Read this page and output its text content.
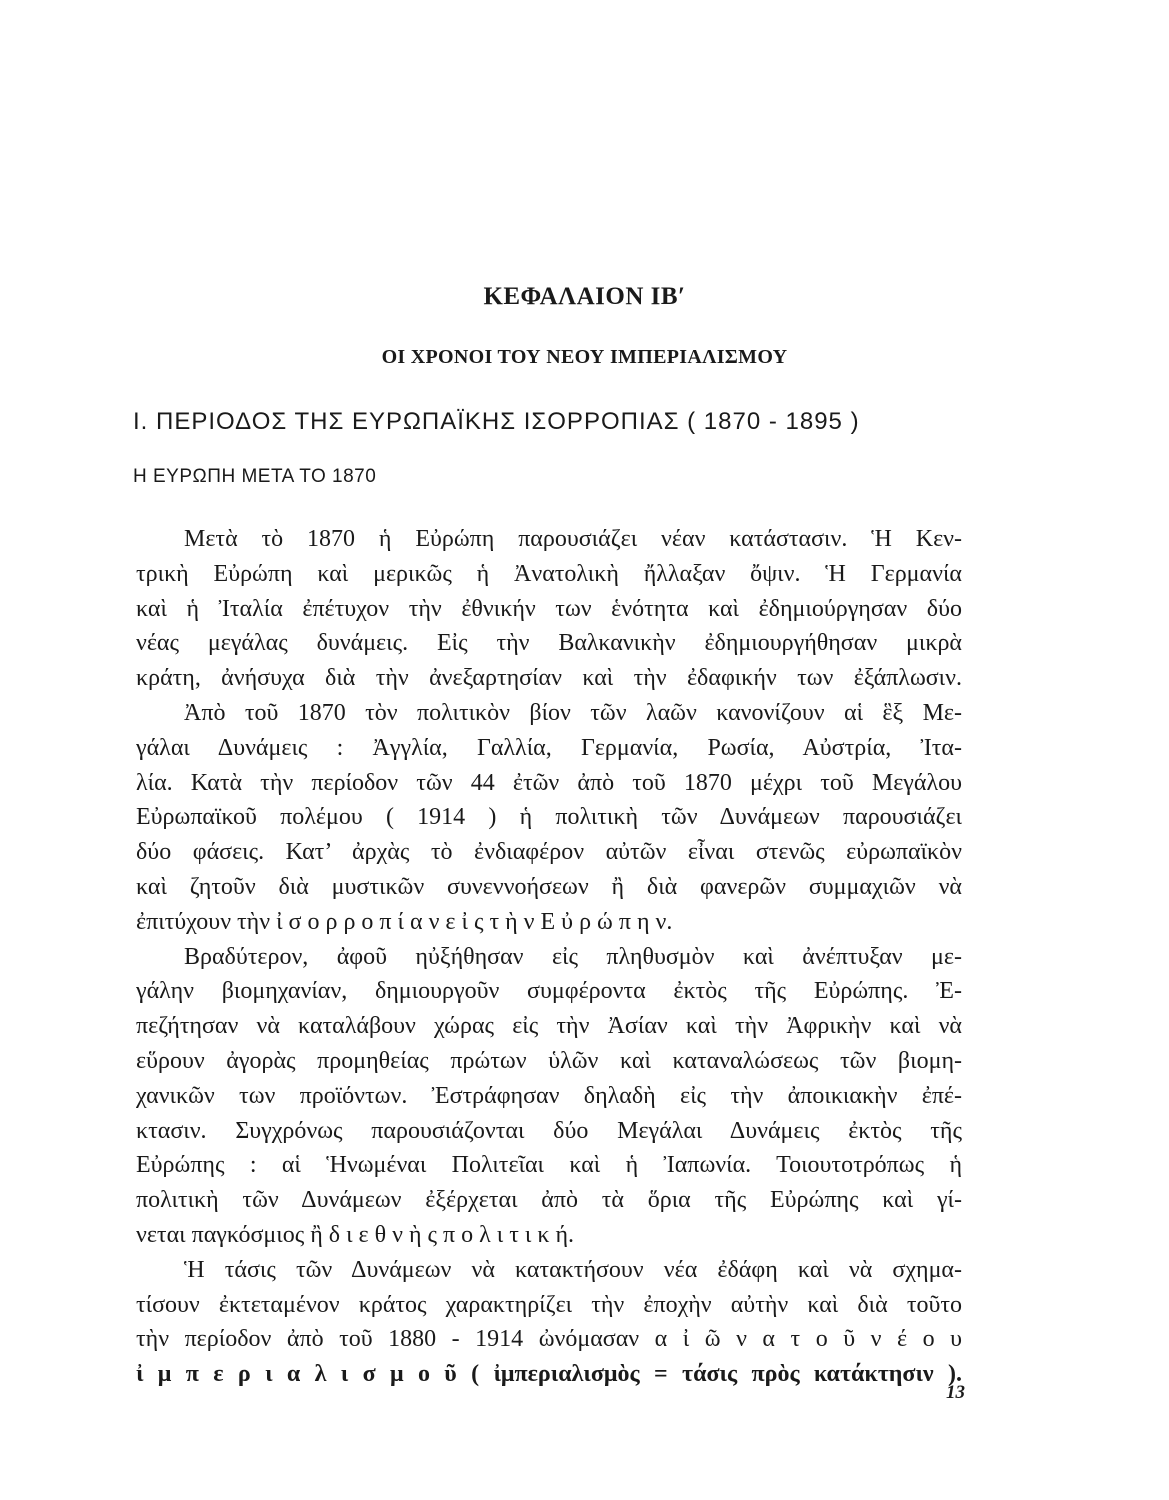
ΚΕΦΑΛΑΙΟΝ ΙΒ′
ΟΙ ΧΡΟΝΟΙ ΤΟΥ ΝΕΟΥ ΙΜΠΕΡΙΑΛΙΣΜΟΥ
Ι. ΠΕΡΙΟΔΟΣ ΤΗΣ ΕΥΡΩΠΑΪΚΗΣ ΙΣΟΡΡΟΠΙΑΣ ( 1870 - 1895 )
Η ΕΥΡΩΠΗ ΜΕΤΑ ΤΟ 1870
Μετὰ τὸ 1870 ἡ Εὐρώπη παρουσιάζει νέαν κατάστασιν. Ἡ Κεν-
τρικὴ Εὐρώπη καὶ μερικῶς ἡ Ἀνατολικὴ ἤλλαξαν ὄψιν. Ἡ Γερμανία
καὶ ἡ Ἰταλία ἐπέτυχον τὴν ἐθνικήν των ἑνότητα καὶ ἐδημιούργησαν δύο
νέας μεγάλας δυνάμεις. Εἰς τὴν Βαλκανικὴν ἐδημιουργήθησαν μικρὰ
κράτη, ἀνήσυχα διὰ τὴν ἀνεξαρτησίαν καὶ τὴν ἐδαφικήν των ἐξάπλωσιν.
Ἀπὸ τοῦ 1870 τὸν πολιτικὸν βίον τῶν λαῶν κανονίζουν αἱ ἓξ Με-
γάλαι Δυνάμεις : Ἀγγλία, Γαλλία, Γερμανία, Ρωσία, Αὐστρία, Ἰτα-
λία. Κατὰ τὴν περίοδον τῶν 44 ἐτῶν ἀπὸ τοῦ 1870 μέχρι τοῦ Μεγάλου
Εὐρωπαϊκοῦ πολέμου ( 1914 ) ἡ πολιτικὴ τῶν Δυνάμεων παρουσιάζει
δύο φάσεις. Κατ’ ἀρχὰς τὸ ἐνδιαφέρον αὐτῶν εἶναι στενῶς εὐρωπαϊκὸν
καὶ ζητοῦν διὰ μυστικῶν συνεννοήσεων ἢ διὰ φανερῶν συμμαχιῶν νὰ
ἐπιτύχουν τὴν ἰ σ ο ρ ρ ο π ί α ν ε ἰ ς τ ὴ ν Ε ὐ ρ ώ π η ν.
Βραδύτερον, ἀφοῦ ηὐξήθησαν εἰς πληθυσμὸν καὶ ἀνέπτυξαν με-
γάλην βιομηχανίαν, δημιουργοῦν συμφέροντα ἐκτὸς τῆς Εὐρώπης. Ἐ-
πεζήτησαν νὰ καταλάβουν χώρας εἰς τὴν Ἀσίαν καὶ τὴν Ἀφρικὴν καὶ νὰ
εὕρουν ἀγορὰς προμηθείας πρώτων ὑλῶν καὶ καταναλώσεως τῶν βιομη-
χανικῶν των προϊόντων. Ἐστράφησαν δηλαδὴ εἰς τὴν ἀποικιακὴν ἐπέ-
κτασιν. Συγχρόνως παρουσιάζονται δύο Μεγάλαι Δυνάμεις ἐκτὸς τῆς
Εὐρώπης : αἱ Ἡνωμέναι Πολιτεῖαι καὶ ἡ Ἰαπωνία. Τοιουτοτρόπως ἡ
πολιτικὴ τῶν Δυνάμεων ἐξέρχεται ἀπὸ τὰ ὅρια τῆς Εὐρώπης καὶ γί-
νεται παγκόσμιος ἢ δ ι ε θ ν ὴ ς π ο λ ι τ ι κ ή.
Ἡ τάσις τῶν Δυνάμεων νὰ κατακτήσουν νέα ἐδάφη καὶ νὰ σχημα-
τίσουν ἐκτεταμένον κράτος χαρακτηρίζει τὴν ἐποχὴν αὐτὴν καὶ διὰ τοῦτο
τὴν περίοδον ἀπὸ τοῦ 1880 - 1914 ὠνόμασαν α ἰ ῶ ν α τ ο ῦ ν έ ο υ
ἰ μ π ε ρ ι α λ ι σ μ ο ῦ ( ἰμπεριαλισμὸς = τάσις πρὸς κατάκτησιν ).
13
